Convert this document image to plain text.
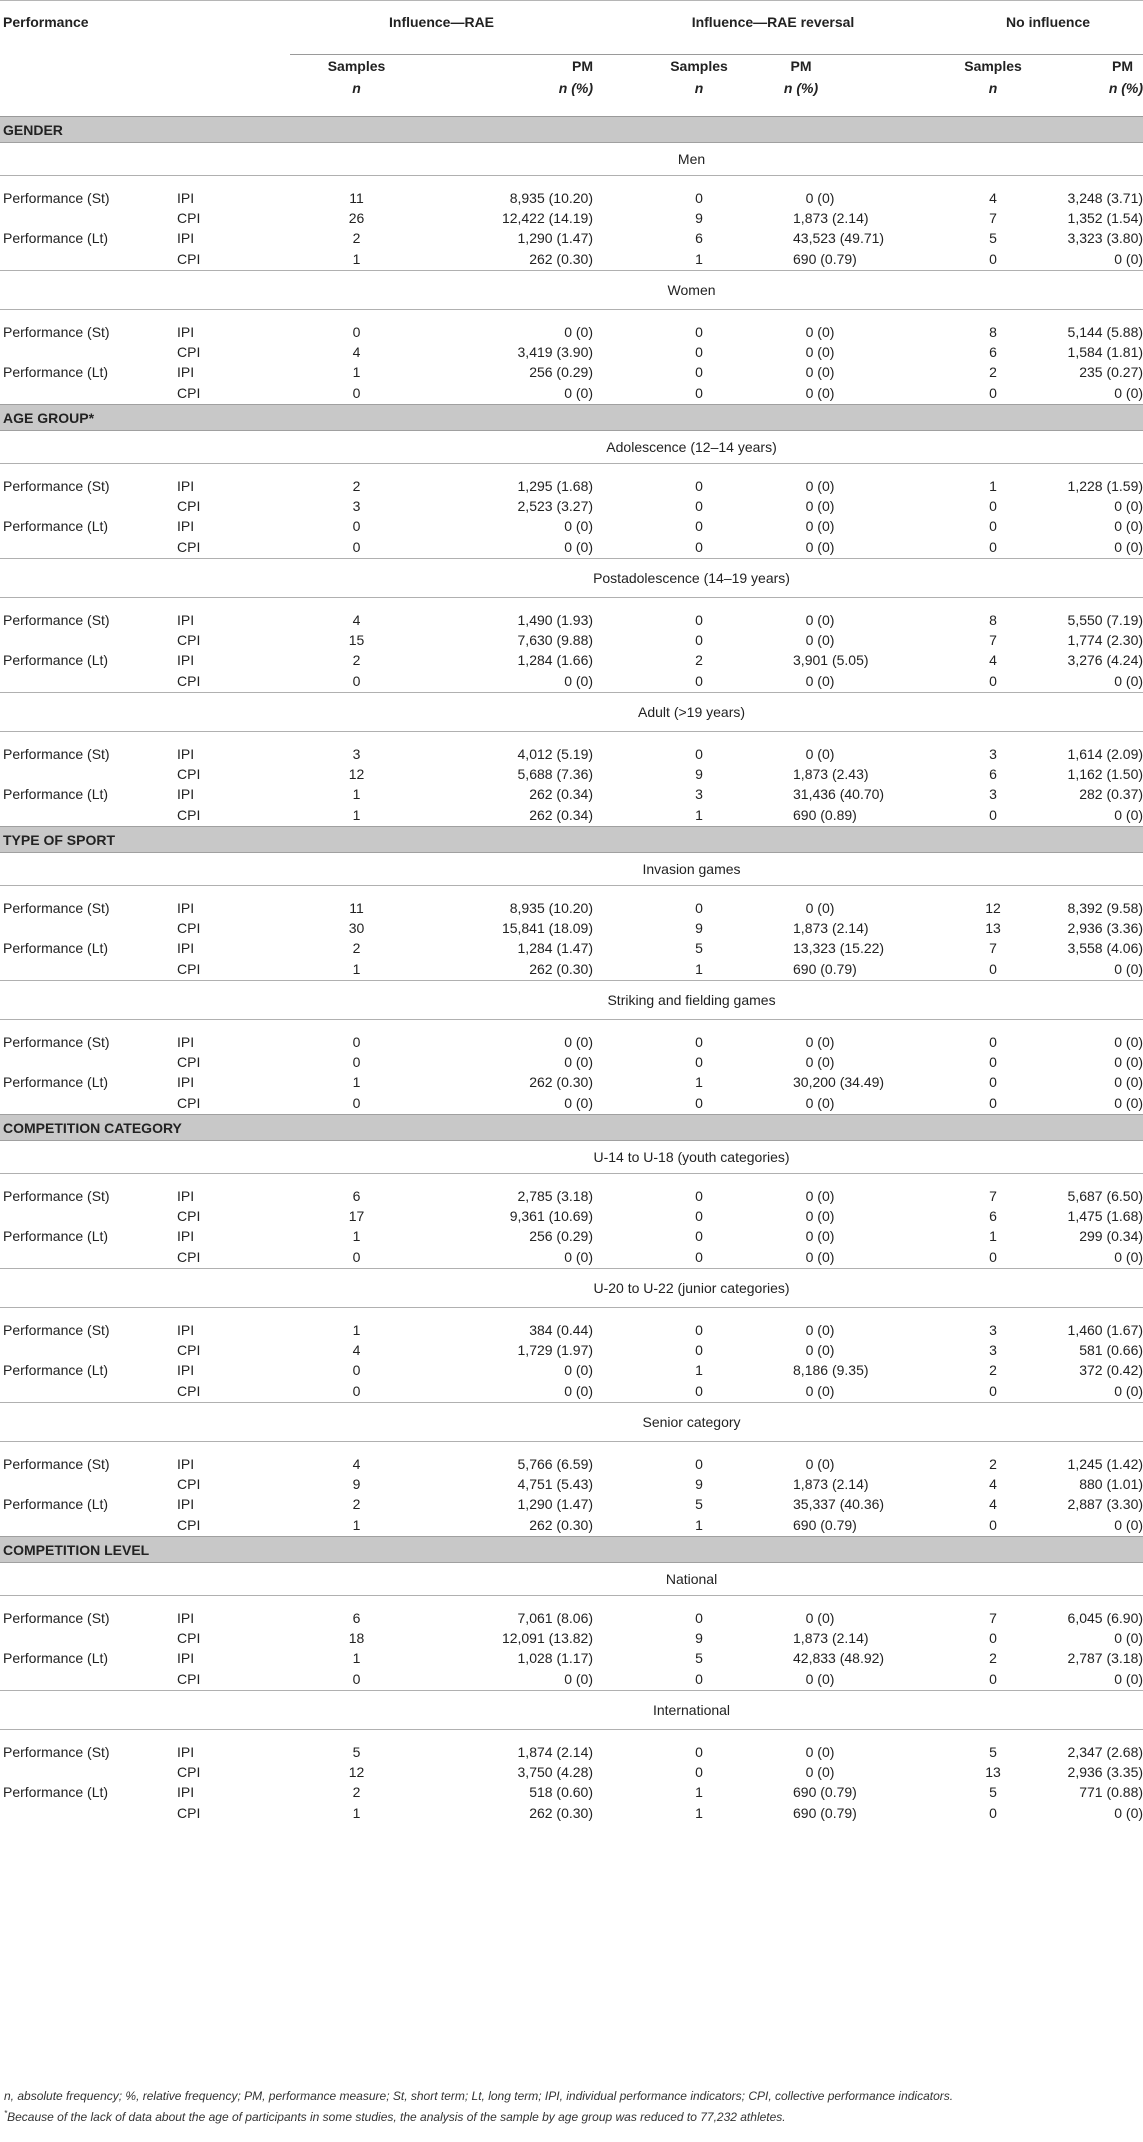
Performance		Influence—RAE		Influence—RAE reversal			No influence	
		Samples	PM	Samples	PM		Samples	PM
		n	n (%)	n	n (%)		n	n (%)
GENDER								
Men								

Performance (St)	IPI	11	8,935 (10.20)	0	0 (0)		4	3,248 (3.71)
	CPI	26	12,422 (14.19)	9	1,873 (2.14)		7	1,352 (1.54)
Performance (Lt)	IPI	2	1,290 (1.47)	6	43,523 (49.71)		5	3,323 (3.80)
	CPI	1	262 (0.30)	1	690 (0.79)		0	0 (0)
Women								

Performance (St)	IPI	0	0 (0)	0	0 (0)		8	5,144 (5.88)
	CPI	4	3,419 (3.90)	0	0 (0)		6	1,584 (1.81)
Performance (Lt)	IPI	1	256 (0.29)	0	0 (0)		2	235 (0.27)
	CPI	0	0 (0)	0	0 (0)		0	0 (0)
AGE GROUP*								
Adolescence (12–14 years)								

Performance (St)	IPI	2	1,295 (1.68)	0	0 (0)		1	1,228 (1.59)
	CPI	3	2,523 (3.27)	0	0 (0)		0	0 (0)
Performance (Lt)	IPI	0	0 (0)	0	0 (0)		0	0 (0)
	CPI	0	0 (0)	0	0 (0)		0	0 (0)
Postadolescence (14–19 years)								

Performance (St)	IPI	4	1,490 (1.93)	0	0 (0)		8	5,550 (7.19)
	CPI	15	7,630 (9.88)	0	0 (0)		7	1,774 (2.30)
Performance (Lt)	IPI	2	1,284 (1.66)	2	3,901 (5.05)		4	3,276 (4.24)
	CPI	0	0 (0)	0	0 (0)		0	0 (0)
Adult (>19 years)								

Performance (St)	IPI	3	4,012 (5.19)	0	0 (0)		3	1,614 (2.09)
	CPI	12	5,688 (7.36)	9	1,873 (2.43)		6	1,162 (1.50)
Performance (Lt)	IPI	1	262 (0.34)	3	31,436 (40.70)		3	282 (0.37)
	CPI	1	262 (0.34)	1	690 (0.89)		0	0 (0)
TYPE OF SPORT								
Invasion games								

Performance (St)	IPI	11	8,935 (10.20)	0	0 (0)		12	8,392 (9.58)
	CPI	30	15,841 (18.09)	9	1,873 (2.14)		13	2,936 (3.36)
Performance (Lt)	IPI	2	1,284 (1.47)	5	13,323 (15.22)		7	3,558 (4.06)
	CPI	1	262 (0.30)	1	690 (0.79)		0	0 (0)
Striking and fielding games								

Performance (St)	IPI	0	0 (0)	0	0 (0)		0	0 (0)
	CPI	0	0 (0)	0	0 (0)		0	0 (0)
Performance (Lt)	IPI	1	262 (0.30)	1	30,200 (34.49)		0	0 (0)
	CPI	0	0 (0)	0	0 (0)		0	0 (0)
COMPETITION CATEGORY								
U-14 to U-18 (youth categories)								

Performance (St)	IPI	6	2,785 (3.18)	0	0 (0)		7	5,687 (6.50)
	CPI	17	9,361 (10.69)	0	0 (0)		6	1,475 (1.68)
Performance (Lt)	IPI	1	256 (0.29)	0	0 (0)		1	299 (0.34)
	CPI	0	0 (0)	0	0 (0)		0	0 (0)
U-20 to U-22 (junior categories)								

Performance (St)	IPI	1	384 (0.44)	0	0 (0)		3	1,460 (1.67)
	CPI	4	1,729 (1.97)	0	0 (0)		3	581 (0.66)
Performance (Lt)	IPI	0	0 (0)	1	8,186 (9.35)		2	372 (0.42)
	CPI	0	0 (0)	0	0 (0)		0	0 (0)
Senior category								

Performance (St)	IPI	4	5,766 (6.59)	0	0 (0)		2	1,245 (1.42)
	CPI	9	4,751 (5.43)	9	1,873 (2.14)		4	880 (1.01)
Performance (Lt)	IPI	2	1,290 (1.47)	5	35,337 (40.36)		4	2,887 (3.30)
	CPI	1	262 (0.30)	1	690 (0.79)		0	0 (0)
COMPETITION LEVEL								
National								

Performance (St)	IPI	6	7,061 (8.06)	0	0 (0)		7	6,045 (6.90)
	CPI	18	12,091 (13.82)	9	1,873 (2.14)		0	0 (0)
Performance (Lt)	IPI	1	1,028 (1.17)	5	42,833 (48.92)		2	2,787 (3.18)
	CPI	0	0 (0)	0	0 (0)		0	0 (0)
International								

Performance (St)	IPI	5	1,874 (2.14)	0	0 (0)		5	2,347 (2.68)
	CPI	12	3,750 (4.28)	0	0 (0)		13	2,936 (3.35)
Performance (Lt)	IPI	2	518 (0.60)	1	690 (0.79)		5	771 (0.88)
	CPI	1	262 (0.30)	1	690 (0.79)		0	0 (0)
n, absolute frequency; %, relative frequency; PM, performance measure; St, short term; Lt, long term; IPI, individual performance indicators; CPI, collective performance indicators.
*Because of the lack of data about the age of participants in some studies, the analysis of the sample by age group was reduced to 77,232 athletes.
